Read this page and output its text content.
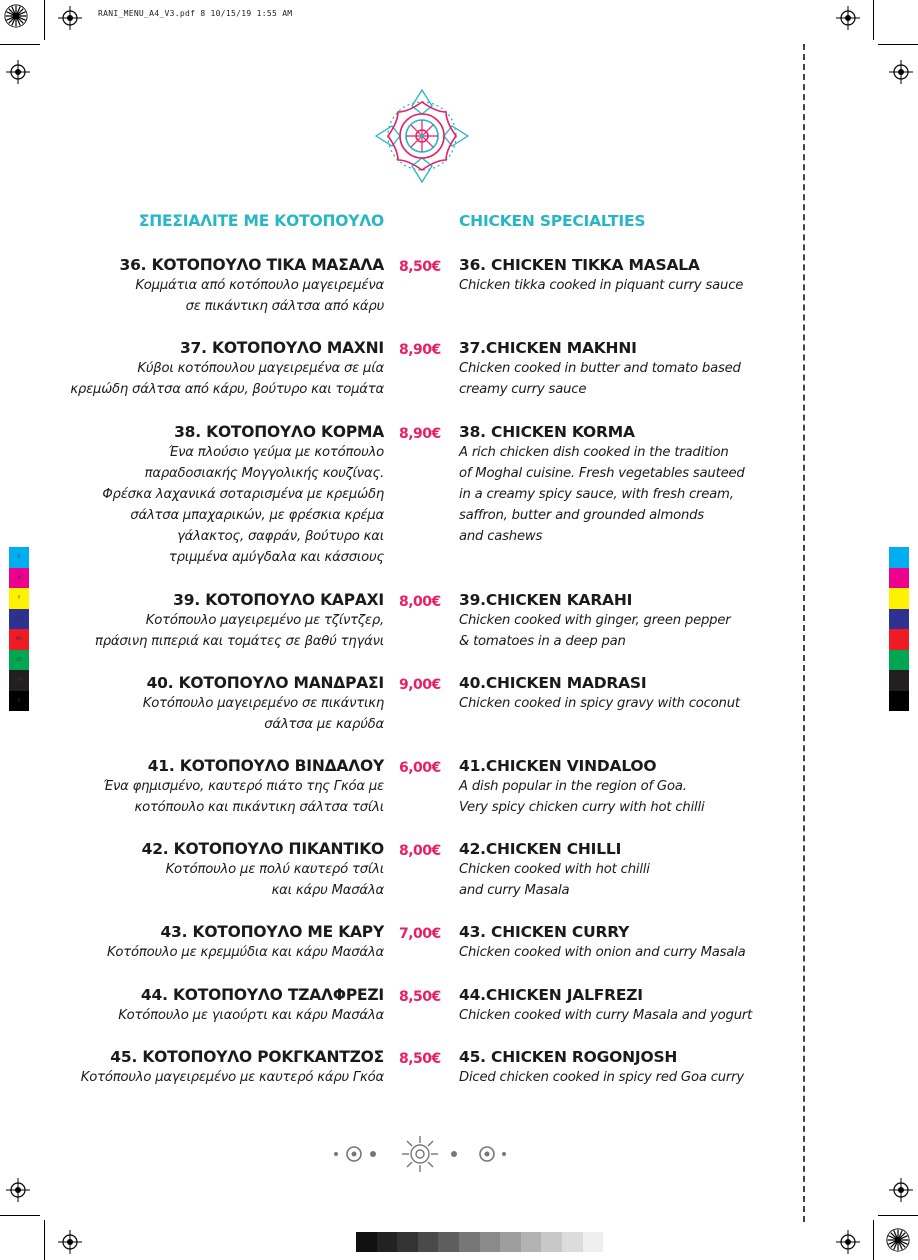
RANI_MENU_A4_V3.pdf 8 10/15/19 1:55 AM
ΣΠΕΣΙΑΛΙΤΕ ΜΕ ΚΟΤΟΠΟΥΛΟ	CHICKEN SPECIALTIES
36. ΚΟΤΟΠΟΥΛΟ ΤΙΚΑ ΜΑΣΑΛΑ
Κομμάτια από κοτόπουλο μαγειρεμένα
σε πικάντικη σάλτσα από κάρυ
8,50€ 36. CHICKEN TIKKA MASALA
Chicken tikka cooked in piquant curry sauce
37. ΚΟΤΟΠΟΥΛΟ ΜΑΧΝΙ
Κύβοι κοτόπουλου μαγειρεμένα σε μία
κρεμώδη σάλτσα από κάρυ, βούτυρο και τομάτα
8,90€ 37.CHICKEN MAKHNI
Chicken cooked in butter and tomato based
creamy curry sauce
38. ΚΟΤΟΠΟΥΛΟ ΚΟΡΜΑ
Ένα πλούσιο γεύμα με κοτόπουλο
παραδοσιακής Μογγολικής κουζίνας.
Φρέσκα λαχανικά σοταρισμένα με κρεμώδη
σάλτσα μπαχαρικών, με φρέσκια κρέμα
γάλακτος, σαφράν, βούτυρο και
τριμμένα αμύγδαλα και κάσσιους
8,90€ 38. CHICKEN KORMA
A rich chicken dish cooked in the tradition
of Moghal cuisine. Fresh vegetables sauteed
in a creamy spicy sauce, with fresh cream,
saffron, butter and grounded almonds
and cashews
39. ΚΟΤΟΠΟΥΛΟ ΚΑΡΑΧΙ
Κοτόπουλο μαγειρεμένο με τζίντζερ,
πράσινη πιπεριά και τομάτες σε βαθύ τηγάνι
8,00€ 39.CHICKEN KARAHI
Chicken cooked with ginger, green pepper
& tomatoes in a deep pan
40. ΚΟΤΟΠΟΥΛΟ ΜΑΝΔΡΑΣΙ
Κοτόπουλο μαγειρεμένο σε πικάντικη
σάλτσα με καρύδα
9,00€ 40.CHICKEN MADRASI
Chicken cooked in spicy gravy with coconut
41. ΚΟΤΟΠΟΥΛΟ ΒΙΝΔΑΛΟΥ
Ένα φημισμένο, καυτερό πιάτο της Γκόα με
κοτόπουλο και πικάντικη σάλτσα τσίλι
6,00€ 41.CHICKEN VINDALOO
A dish popular in the region of Goa.
Very spicy chicken curry with hot chilli
42. ΚΟΤΟΠΟΥΛΟ ΠΙΚΑΝΤΙΚΟ
Κοτόπουλο με πολύ καυτερό τσίλι
και κάρυ Μασάλα
8,00€ 42.CHICKEN CHILLI
Chicken cooked with hot chilli
and curry Masala
43. ΚΟΤΟΠΟΥΛΟ ΜΕ ΚΑΡΥ
Κοτόπουλο με κρεμμύδια και κάρυ Μασάλα
7,00€ 43. CHICKEN CURRY
Chicken cooked with onion and curry Masala
44. ΚΟΤΟΠΟΥΛΟ ΤΖΑΛΦΡΕΖΙ
Κοτόπουλο με γιαούρτι και κάρυ Μασάλα
8,50€ 44.CHICKEN JALFREZI
Chicken cooked with curry Masala and yogurt
45. ΚΟΤΟΠΟΥΛΟ ΡΟΚΓΚΑΝΤΖΟΣ
Κοτόπουλο μαγειρεμένο με καυτερό κάρυ Γκόα
8,50€ 45. CHICKEN ROGONJOSH
Diced chicken cooked in spicy red Goa curry
C
M
Y
CM
MY
CY
CMY
K
